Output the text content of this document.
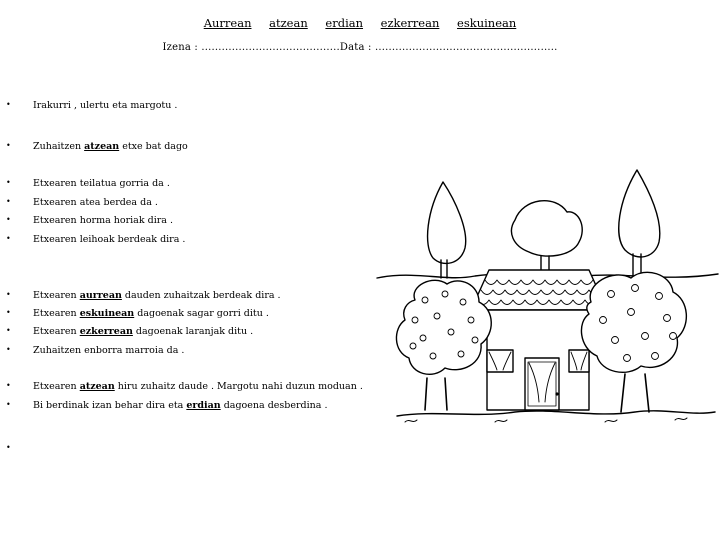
Aurrean atzean erdian ezkerrean eskuinean
Izena : .........................................Data : ......................................................
• Irakurri , ulertu eta margotu .
• Zuhaitzen atzean etxe bat dago
• Etxearen teilatua gorria da .
• Etxearen atea berdea da .
• Etxearen horma horiak dira .
• Etxearen leihoak berdeak dira .
• Etxearen aurrean dauden zuhaitzak berdeak dira .
• Etxearen eskuinean dagoenak sagar gorri ditu .
• Etxearen ezkerrean dagoenak laranjak ditu .
• Zuhaitzen enborra marroia da .
• Etxearen atzean hiru zuhaitz daude . Margotu nahi duzun moduan .
• Bi berdinak izan behar dira eta erdian dagoena desberdina .
•
